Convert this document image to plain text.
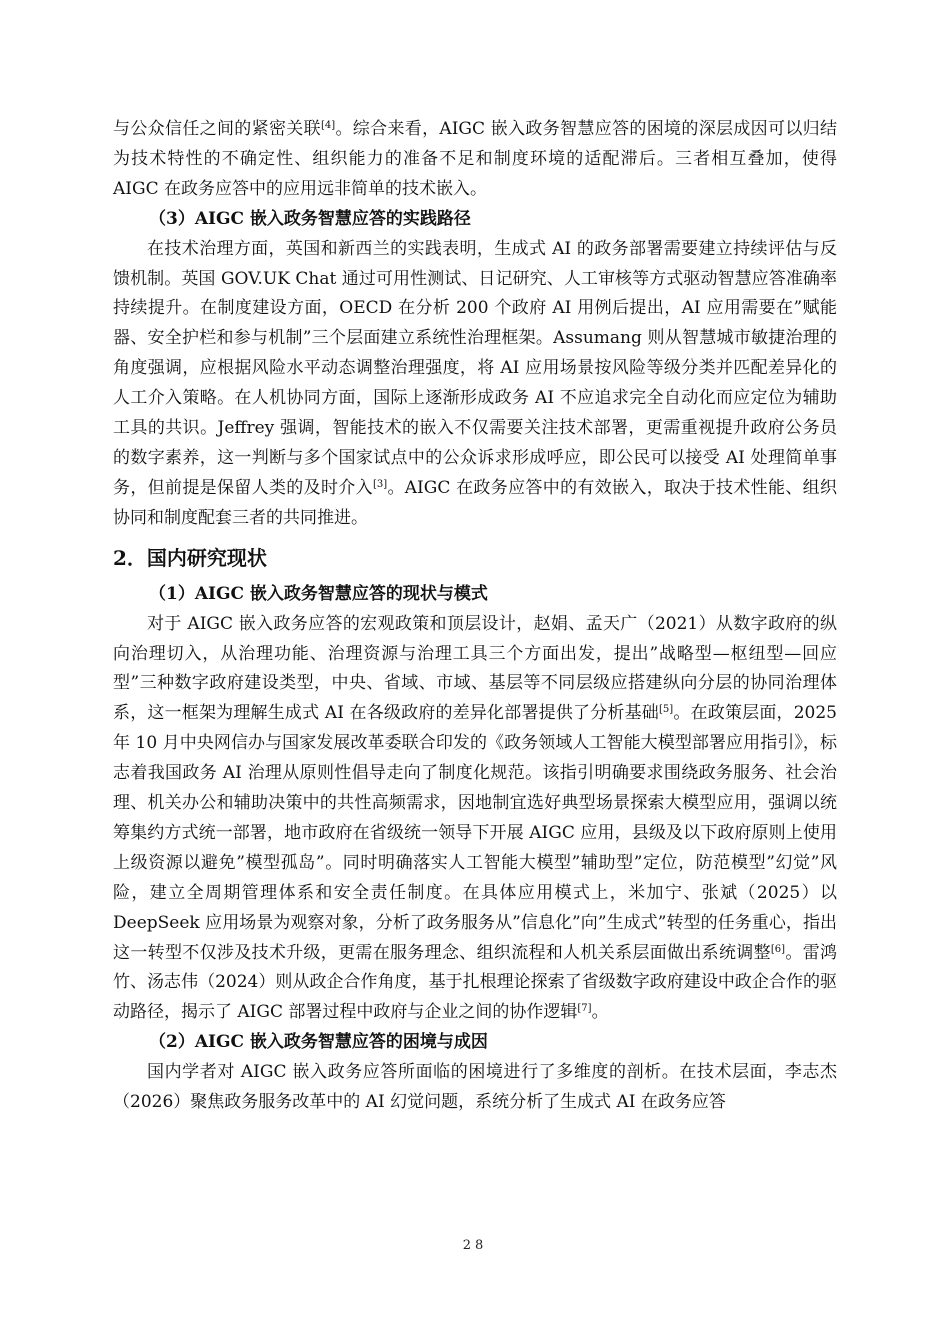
与公众信任之间的紧密关联[4]。综合来看，AIGC 嵌入政务智慧应答的困境的深层成因可以归结为技术特性的不确定性、组织能力的准备不足和制度环境的适配滞后。三者相互叠加，使得 AIGC 在政务应答中的应用远非简单的技术嵌入。

（3）AIGC 嵌入政务智慧应答的实践路径

在技术治理方面，英国和新西兰的实践表明，生成式 AI 的政务部署需要建立持续评估与反馈机制。英国 GOV.UK Chat 通过可用性测试、日记研究、人工审核等方式驱动智慧应答准确率持续提升。在制度建设方面，OECD 在分析 200 个政府 AI 用例后提出，AI 应用需要在”赋能器、安全护栏和参与机制”三个层面建立系统性治理框架。Assumang 则从智慧城市敏捷治理的角度强调，应根据风险水平动态调整治理强度，将 AI 应用场景按风险等级分类并匹配差异化的人工介入策略。在人机协同方面，国际上逐渐形成政务 AI 不应追求完全自动化而应定位为辅助工具的共识。Jeffrey 强调，智能技术的嵌入不仅需要关注技术部署，更需重视提升政府公务员的数字素养，这一判断与多个国家试点中的公众诉求形成呼应，即公民可以接受 AI 处理简单事务，但前提是保留人类的及时介入[3]。AIGC 在政务应答中的有效嵌入，取决于技术性能、组织协同和制度配套三者的共同推进。

2．国内研究现状

（1）AIGC 嵌入政务智慧应答的现状与模式

对于 AIGC 嵌入政务应答的宏观政策和顶层设计，赵娟、孟天广（2021）从数字政府的纵向治理切入，从治理功能、治理资源与治理工具三个方面出发，提出”战略型—枢纽型—回应型”三种数字政府建设类型，中央、省域、市域、基层等不同层级应搭建纵向分层的协同治理体系，这一框架为理解生成式 AI 在各级政府的差异化部署提供了分析基础[5]。在政策层面，2025 年 10 月中央网信办与国家发展改革委联合印发的《政务领域人工智能大模型部署应用指引》，标志着我国政务 AI 治理从原则性倡导走向了制度化规范。该指引明确要求围绕政务服务、社会治理、机关办公和辅助决策中的共性高频需求，因地制宜选好典型场景探索大模型应用，强调以统筹集约方式统一部署，地市政府在省级统一领导下开展 AIGC 应用，县级及以下政府原则上使用上级资源以避免”模型孤岛”。同时明确落实人工智能大模型”辅助型”定位，防范模型”幻觉”风险，建立全周期管理体系和安全责任制度。在具体应用模式上，米加宁、张斌（2025）以 DeepSeek 应用场景为观察对象，分析了政务服务从”信息化”向”生成式”转型的任务重心，指出这一转型不仅涉及技术升级，更需在服务理念、组织流程和人机关系层面做出系统调整[6]。雷鸿竹、汤志伟（2024）则从政企合作角度，基于扎根理论探索了省级数字政府建设中政企合作的驱动路径，揭示了 AIGC 部署过程中政府与企业之间的协作逻辑[7]。

（2）AIGC 嵌入政务智慧应答的困境与成因

国内学者对 AIGC 嵌入政务应答所面临的困境进行了多维度的剖析。在技术层面，李志杰（2026）聚焦政务服务改革中的 AI 幻觉问题，系统分析了生成式 AI 在政务应答

28
